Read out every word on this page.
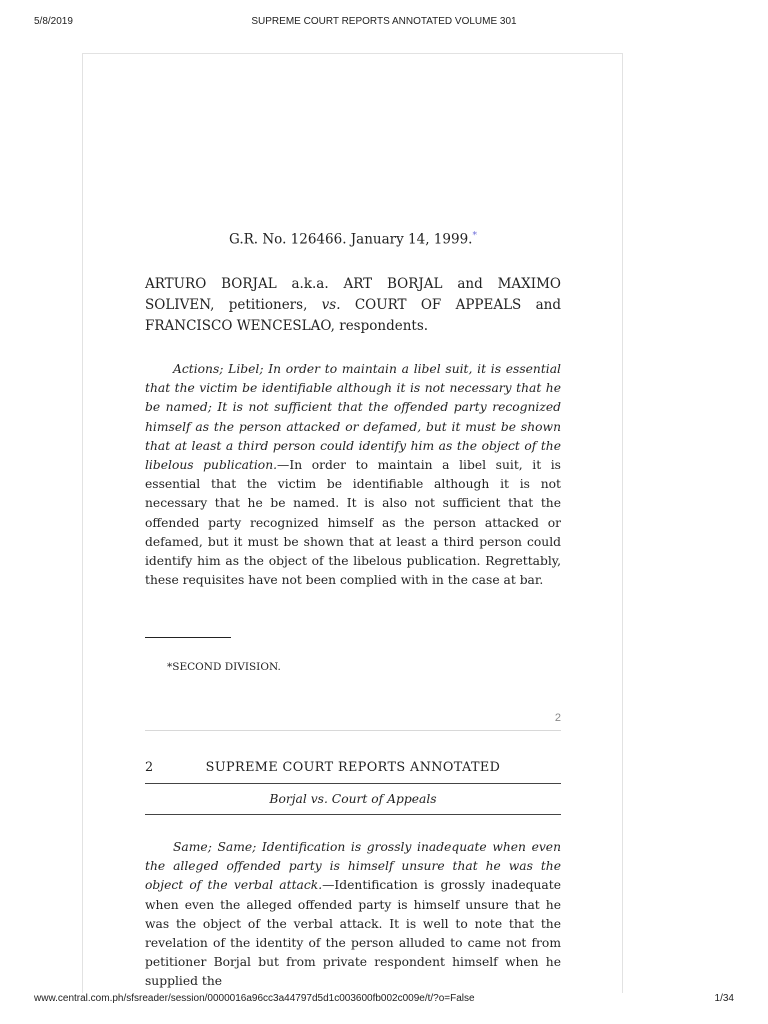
5/8/2019	SUPREME COURT REPORTS ANNOTATED VOLUME 301
G.R. No. 126466. January 14, 1999.*
ARTURO BORJAL a.k.a. ART BORJAL and MAXIMO SOLIVEN, petitioners, vs. COURT OF APPEALS and FRANCISCO WENCESLAO, respondents.

Actions; Libel; In order to maintain a libel suit, it is essential that the victim be identifiable although it is not necessary that he be named; It is not sufficient that the offended party recognized himself as the person attacked or defamed, but it must be shown that at least a third person could identify him as the object of the libelous publication.—In order to maintain a libel suit, it is essential that the victim be identifiable although it is not necessary that he be named. It is also not sufficient that the offended party recognized himself as the person attacked or defamed, but it must be shown that at least a third person could identify him as the object of the libelous publication. Regrettably, these requisites have not been complied with in the case at bar.

*SECOND DIVISION.
2
2	SUPREME COURT REPORTS ANNOTATED
Borjal vs. Court of Appeals

Same; Same; Identification is grossly inadequate when even the alleged offended party is himself unsure that he was the object of the verbal attack.—Identification is grossly inadequate when even the alleged offended party is himself unsure that he was the object of the verbal attack. It is well to note that the revelation of the identity of the person alluded to came not from petitioner Borjal but from private respondent himself when he supplied the

www.central.com.ph/sfsreader/session/0000016a96cc3a44797d5d1c003600fb002c009e/t/?o=False	1/34
